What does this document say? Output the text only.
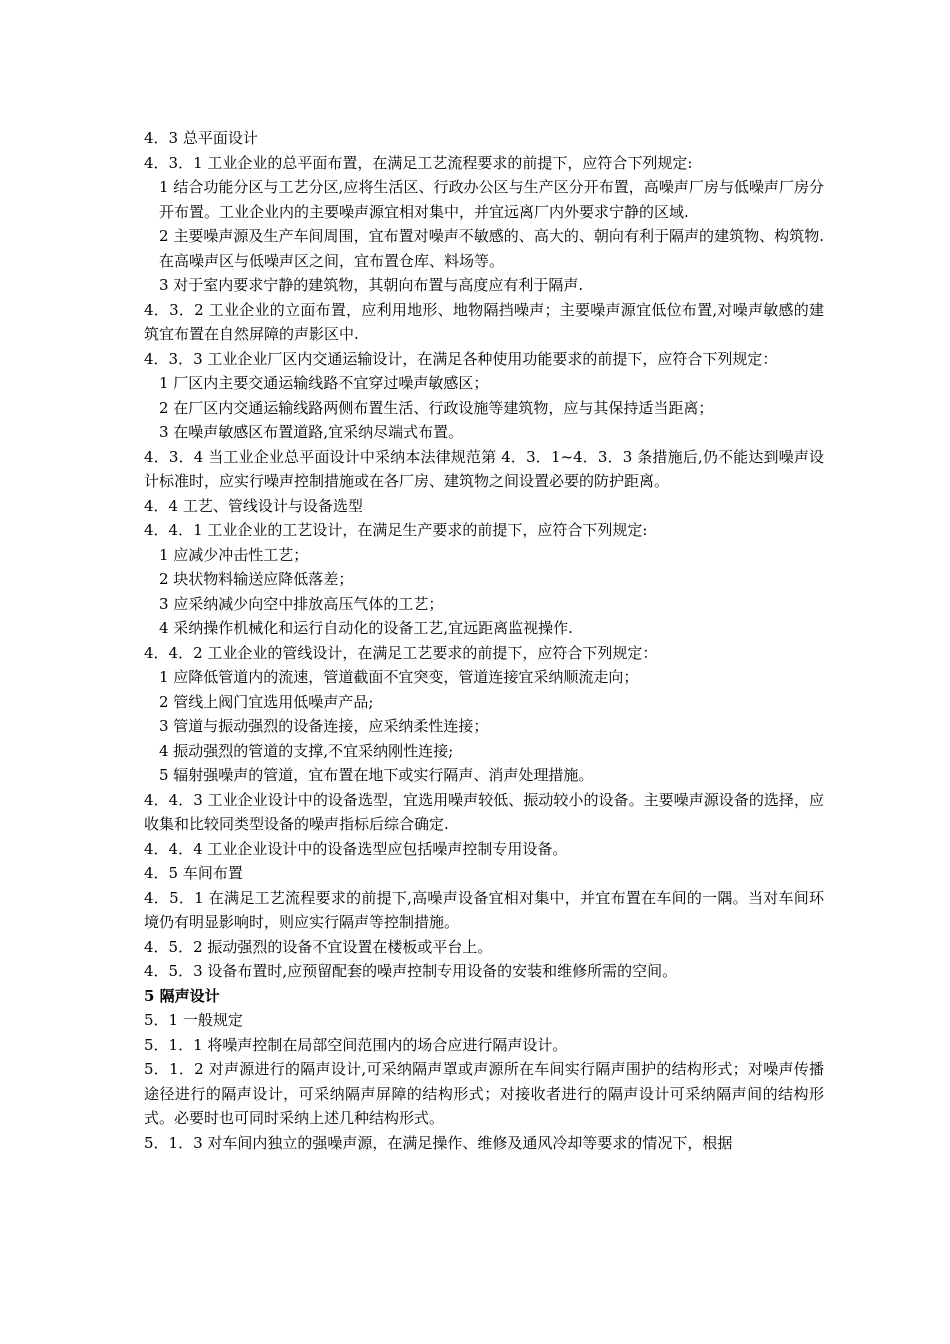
4．3 总平面设计

4．3．1 工业企业的总平面布置，在满足工艺流程要求的前提下，应符合下列规定:

1 结合功能分区与工艺分区,应将生活区、行政办公区与生产区分开布置，高噪声厂房与低噪声厂房分开布置。工业企业内的主要噪声源宜相对集中，并宜远离厂内外要求宁静的区域.

2 主要噪声源及生产车间周围，宜布置对噪声不敏感的、高大的、朝向有利于隔声的建筑物、构筑物.在高噪声区与低噪声区之间，宜布置仓库、料场等。

3 对于室内要求宁静的建筑物，其朝向布置与高度应有利于隔声.

4．3．2 工业企业的立面布置，应利用地形、地物隔挡噪声；主要噪声源宜低位布置,对噪声敏感的建筑宜布置在自然屏障的声影区中.

4．3．3 工业企业厂区内交通运输设计，在满足各种使用功能要求的前提下，应符合下列规定：

1 厂区内主要交通运输线路不宜穿过噪声敏感区；

2 在厂区内交通运输线路两侧布置生活、行政设施等建筑物，应与其保持适当距离；

3 在噪声敏感区布置道路,宜采纳尽端式布置。

4．3．4 当工业企业总平面设计中采纳本法律规范第 4．3．1~4．3．3 条措施后,仍不能达到噪声设计标准时，应实行噪声控制措施或在各厂房、建筑物之间设置必要的防护距离。

4．4 工艺、管线设计与设备选型

4．4．1 工业企业的工艺设计，在满足生产要求的前提下，应符合下列规定:

1 应减少冲击性工艺；

2 块状物料输送应降低落差；

3 应采纳减少向空中排放高压气体的工艺；

4 采纳操作机械化和运行自动化的设备工艺,宜远距离监视操作.

4．4．2 工业企业的管线设计，在满足工艺要求的前提下，应符合下列规定：

1 应降低管道内的流速，管道截面不宜突变，管道连接宜采纳顺流走向；

2 管线上阀门宜选用低噪声产品;

3 管道与振动强烈的设备连接，应采纳柔性连接；

4 振动强烈的管道的支撑,不宜采纳刚性连接;

5 辐射强噪声的管道，宜布置在地下或实行隔声、消声处理措施。

4．4．3 工业企业设计中的设备选型，宜选用噪声较低、振动较小的设备。主要噪声源设备的选择，应收集和比较同类型设备的噪声指标后综合确定.

4．4．4 工业企业设计中的设备选型应包括噪声控制专用设备。

4．5 车间布置

4．5．1 在满足工艺流程要求的前提下,高噪声设备宜相对集中，并宜布置在车间的一隅。当对车间环境仍有明显影响时，则应实行隔声等控制措施。

4．5．2 振动强烈的设备不宜设置在楼板或平台上。

4．5．3 设备布置时,应预留配套的噪声控制专用设备的安装和维修所需的空间。

5 隔声设计

5．1 一般规定

5．1．1 将噪声控制在局部空间范围内的场合应进行隔声设计。

5．1．2 对声源进行的隔声设计,可采纳隔声罩或声源所在车间实行隔声围护的结构形式；对噪声传播途径进行的隔声设计，可采纳隔声屏障的结构形式；对接收者进行的隔声设计可采纳隔声间的结构形式。必要时也可同时采纳上述几种结构形式。

5．1．3 对车间内独立的强噪声源，在满足操作、维修及通风冷却等要求的情况下，根据
